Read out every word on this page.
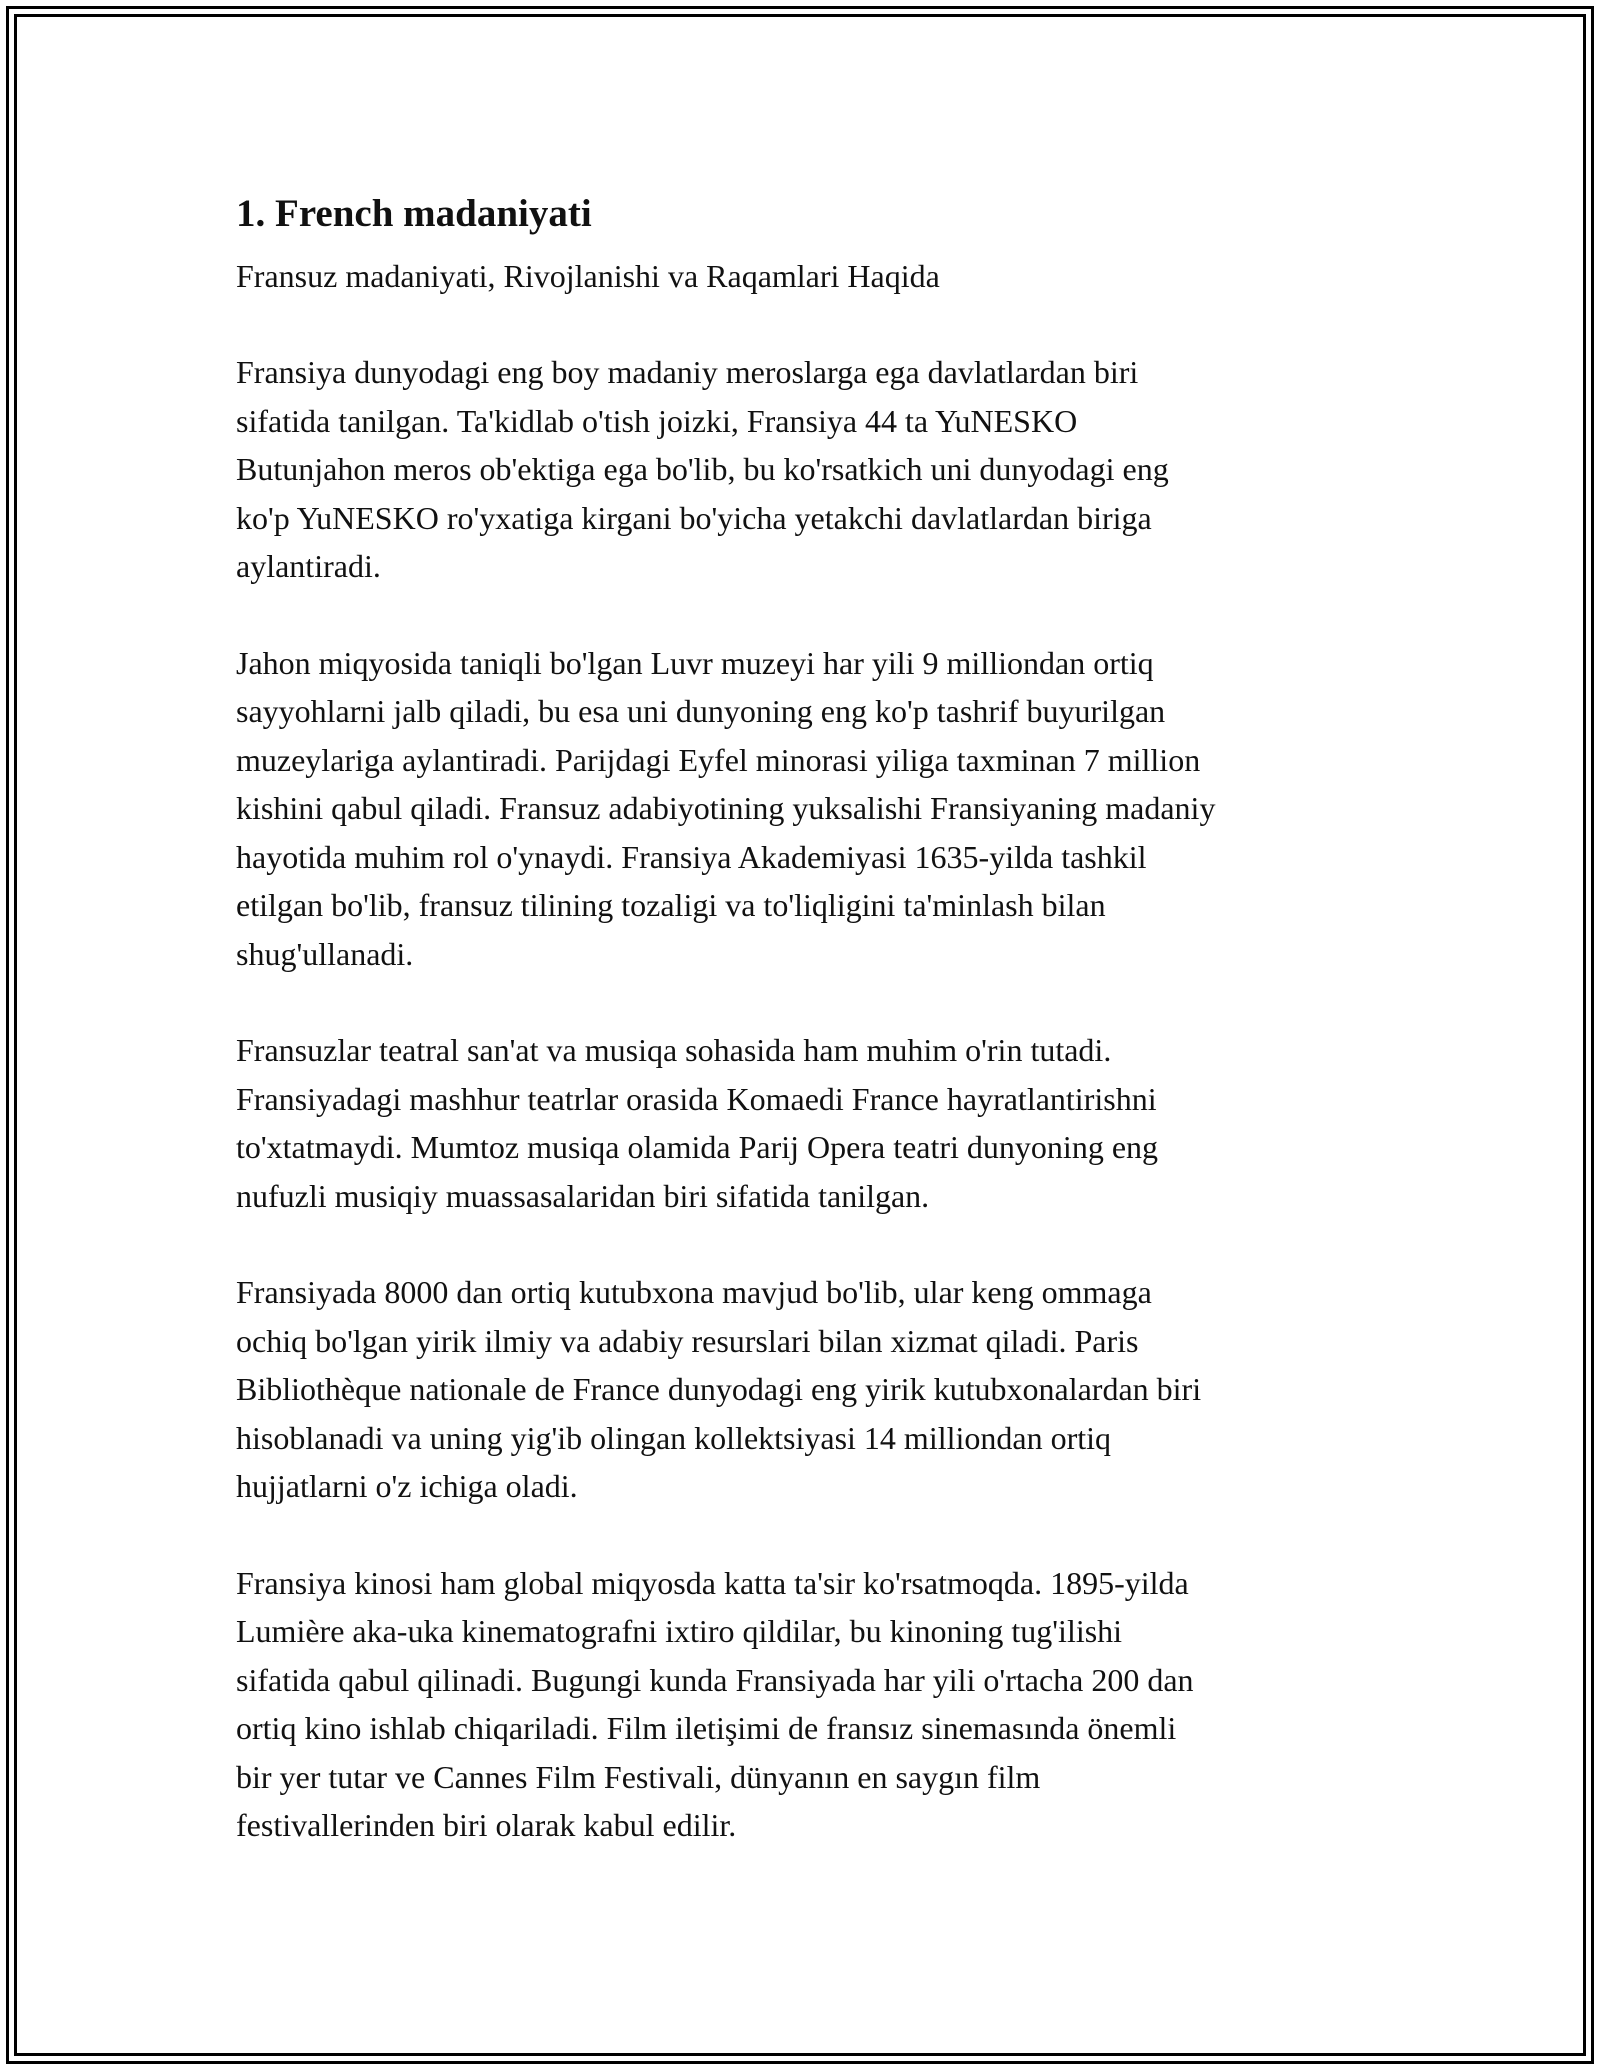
1. French madaniyati

Fransuz madaniyati, Rivojlanishi va Raqamlari Haqida

Fransiya dunyodagi eng boy madaniy meroslarga ega davlatlardan biri
sifatida tanilgan. Ta'kidlab o'tish joizki, Fransiya 44 ta YuNESKO
Butunjahon meros ob'ektiga ega bo'lib, bu ko'rsatkich uni dunyodagi eng
ko'p YuNESKO ro'yxatiga kirgani bo'yicha yetakchi davlatlardan biriga
aylantiradi.

Jahon miqyosida taniqli bo'lgan Luvr muzeyi har yili 9 milliondan ortiq
sayyohlarni jalb qiladi, bu esa uni dunyoning eng ko'p tashrif buyurilgan
muzeylariga aylantiradi. Parijdagi Eyfel minorasi yiliga taxminan 7 million
kishini qabul qiladi. Fransuz adabiyotining yuksalishi Fransiyaning madaniy
hayotida muhim rol o'ynaydi. Fransiya Akademiyasi 1635-yilda tashkil
etilgan bo'lib, fransuz tilining tozaligi va to'liqligini ta'minlash bilan
shug'ullanadi.

Fransuzlar teatral san'at va musiqa sohasida ham muhim o'rin tutadi.
Fransiyadagi mashhur teatrlar orasida Komaedi France hayratlantirishni
to'xtatmaydi. Mumtoz musiqa olamida Parij Opera teatri dunyoning eng
nufuzli musiqiy muassasalaridan biri sifatida tanilgan.

Fransiyada 8000 dan ortiq kutubxona mavjud bo'lib, ular keng ommaga
ochiq bo'lgan yirik ilmiy va adabiy resurslari bilan xizmat qiladi. Paris
Bibliothèque nationale de France dunyodagi eng yirik kutubxonalardan biri
hisoblanadi va uning yig'ib olingan kollektsiyasi 14 milliondan ortiq
hujjatlarni o'z ichiga oladi.

Fransiya kinosi ham global miqyosda katta ta'sir ko'rsatmoqda. 1895-yilda
Lumière aka-uka kinematografni ixtiro qildilar, bu kinoning tug'ilishi
sifatida qabul qilinadi. Bugungi kunda Fransiyada har yili o'rtacha 200 dan
ortiq kino ishlab chiqariladi. Film iletişimi de fransız sinemasında önemli
bir yer tutar ve Cannes Film Festivali, dünyanın en saygın film
festivallerinden biri olarak kabul edilir.
